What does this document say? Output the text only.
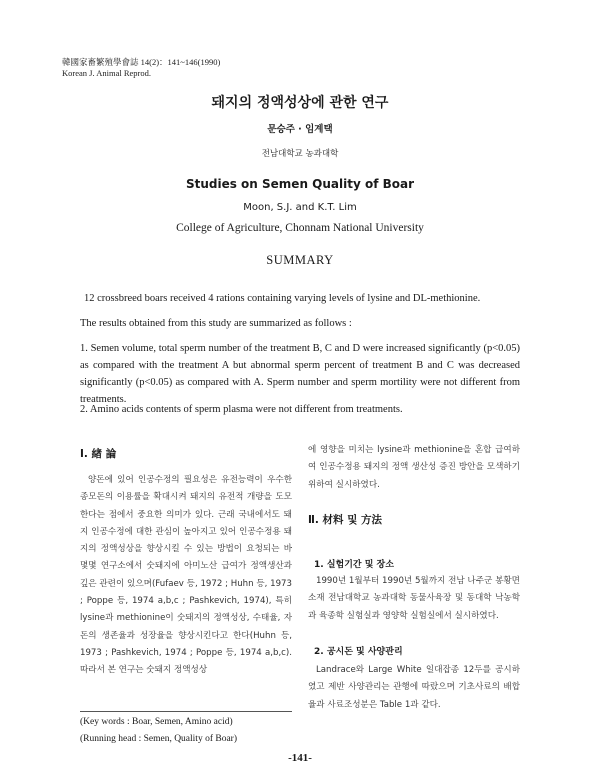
韓國家畜繁殖學會誌 14(2)：141~146(1990)
Korean J. Animal Reprod.
돼지의 정액성상에 관한 연구
문승주 · 임계택
전남대학교 농과대학
Studies on Semen Quality of Boar
Moon, S.J. and K.T. Lim
College of Agriculture, Chonnam National University
SUMMARY
12 crossbreed boars received 4 rations containing varying levels of lysine and DL-methionine.
The results obtained from this study are summarized as follows :
1. Semen volume, total sperm number of the treatment B, C and D were increased significantly (p<0.05) as compared with the treatment A but abnormal sperm percent of treatment B and C was decreased significantly (p<0.05) as compared with A. Sperm number and sperm mortility were not different from treatments.
2. Amino acids contents of sperm plasma were not different from treatments.
Ⅰ. 緖 論
양돈에 있어 인공수정의 필요성은 유전능력이 우수한 종모돈의 이용률을 확대시켜 돼지의 유전적 개량을 도모한다는 점에서 중요한 의미가 있다. 근래 국내에서도 돼지 인공수정에 대한 관심이 높아지고 있어 인공수정용 돼지의 정액성상을 향상시킬 수 있는 방법이 요청되는 바 몇몇 연구소에서 숫돼지에 아미노산 급여가 정액생산과 깊은 관련이 있으며(Fufaev 등, 1972 ; Huhn 등, 1973 ; Poppe 등, 1974 a,b,c ; Pashkevich, 1974), 특히 lysine과 methionine이 숫돼지의 정액성상, 수태율, 자돈의 생존율과 성장율을 향상시킨다고 한다(Huhn 등, 1973 ; Pashkevich, 1974 ; Poppe 등, 1974 a,b,c). 따라서 본 연구는 숫돼지 정액성상
에 영향을 미치는 lysine과 methionine을 혼합 급여하여 인공수정용 돼지의 정액 생산성 증진 방안을 모색하기 위하여 실시하였다.
Ⅱ. 材料 및 方法
1. 실험기간 및 장소
1990년 1월부터 1990년 5월까지 전남 나주군 봉황면 소재 전남대학교 농과대학 동물사육장 및 동대학 낙농학과 육종학 실험실과 영양학 실험실에서 실시하였다.
2. 공시돈 및 사양관리
Landrace와 Large White 일대잡종 12두를 공시하였고 제반 사양관리는 관행에 따랐으며 기초사료의 배합율과 사료조성분은 Table 1과 같다.
(Key words : Boar, Semen, Amino acid)
(Running head : Semen, Quality of Boar)
-141-
